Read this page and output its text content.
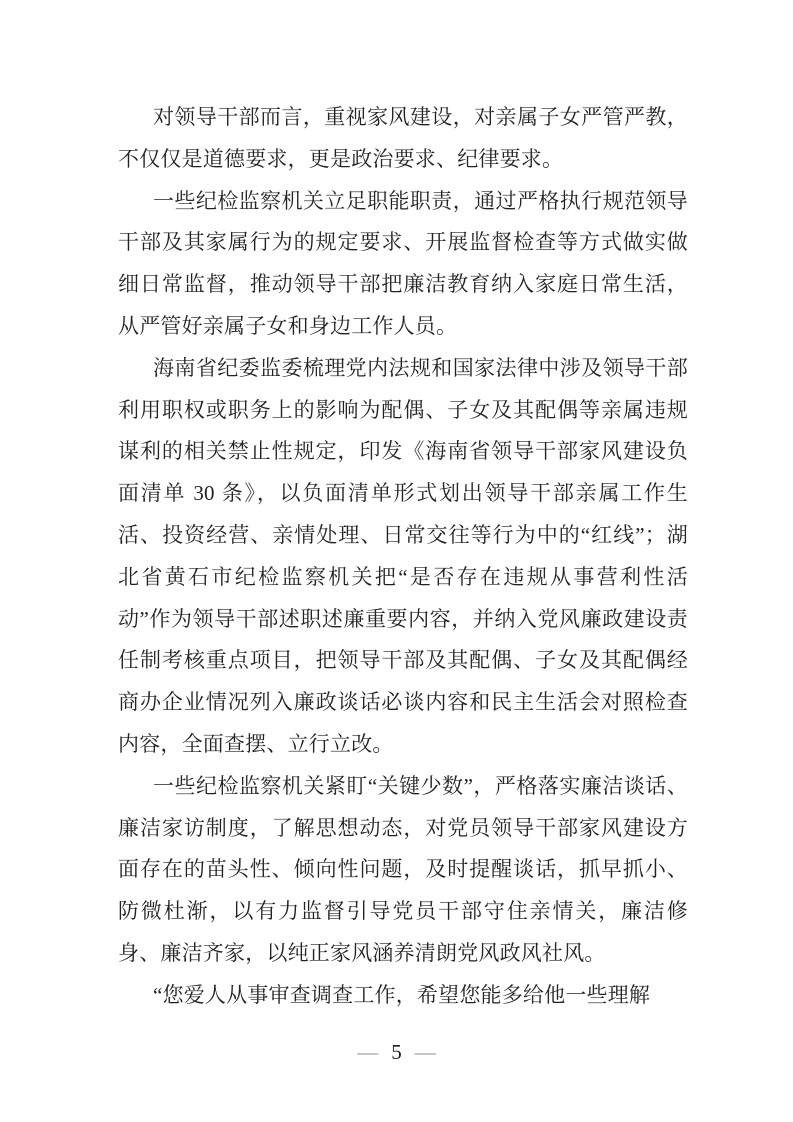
对领导干部而言，重视家风建设，对亲属子女严管严教，不仅仅是道德要求，更是政治要求、纪律要求。

一些纪检监察机关立足职能职责，通过严格执行规范领导干部及其家属行为的规定要求、开展监督检查等方式做实做细日常监督，推动领导干部把廉洁教育纳入家庭日常生活，从严管好亲属子女和身边工作人员。

海南省纪委监委梳理党内法规和国家法律中涉及领导干部利用职权或职务上的影响为配偶、子女及其配偶等亲属违规谋利的相关禁止性规定，印发《海南省领导干部家风建设负面清单 30 条》，以负面清单形式划出领导干部亲属工作生活、投资经营、亲情处理、日常交往等行为中的“红线”；湖北省黄石市纪检监察机关把“是否存在违规从事营利性活动”作为领导干部述职述廉重要内容，并纳入党风廉政建设责任制考核重点项目，把领导干部及其配偶、子女及其配偶经商办企业情况列入廉政谈话必谈内容和民主生活会对照检查内容，全面查摆、立行立改。

一些纪检监察机关紧盯“关键少数”，严格落实廉洁谈话、廉洁家访制度，了解思想动态，对党员领导干部家风建设方面存在的苗头性、倾向性问题，及时提醒谈话，抓早抓小、防微杜渐，以有力监督引导党员干部守住亲情关，廉洁修身、廉洁齐家，以纯正家风涵养清朗党风政风社风。

“您爱人从事审查调查工作，希望您能多给他一些理解

— 5 —
